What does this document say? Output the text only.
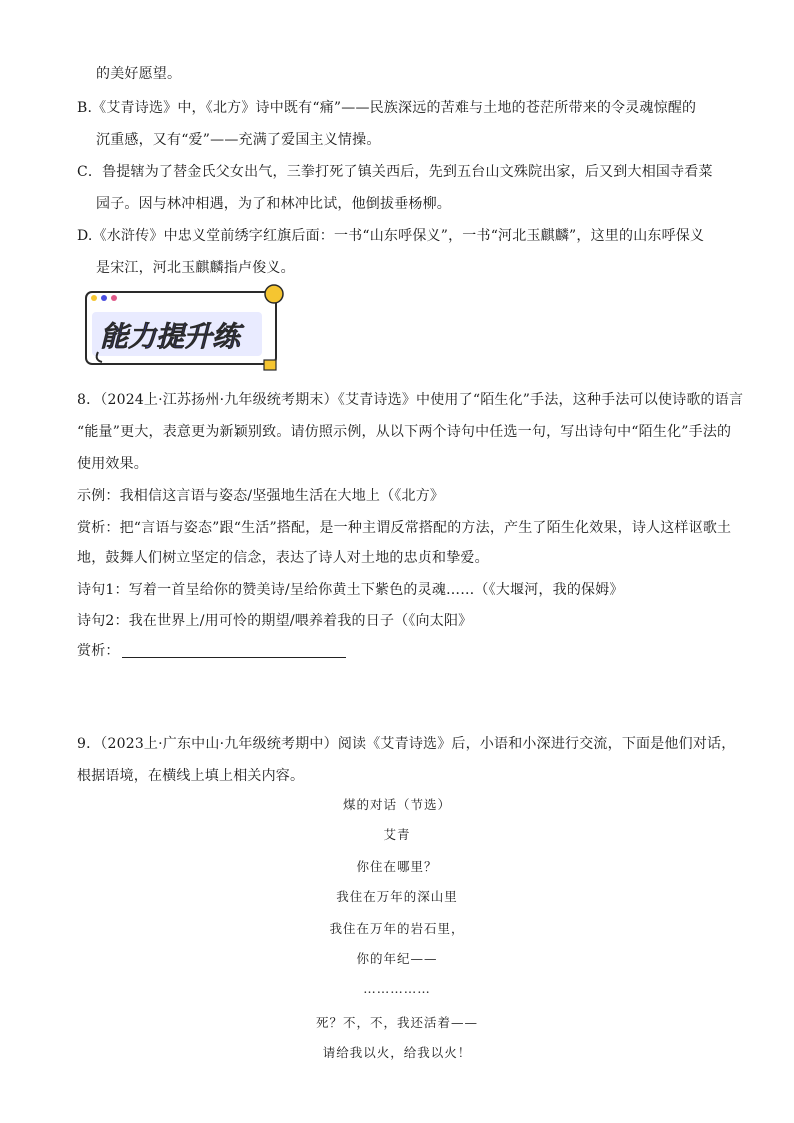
的美好愿望。
B.《艾青诗选》中，《北方》诗中既有“痛”——民族深远的苦难与土地的苍茫所带来的令灵魂惊醒的
沉重感，又有“爱”——充满了爱国主义情操。
C．鲁提辖为了替金氏父女出气，三拳打死了镇关西后，先到五台山文殊院出家，后又到大相国寺看菜
园子。因与林冲相遇，为了和林冲比试，他倒拔垂杨柳。
D.《水浒传》中忠义堂前绣字红旗后面：一书“山东呼保义”，一书“河北玉麒麟”，这里的山东呼保义
是宋江，河北玉麒麟指卢俊义。
能力提升练
8．（2024上·江苏扬州·九年级统考期末）《艾青诗选》中使用了“陌生化”手法，这种手法可以使诗歌的语言
“能量”更大，表意更为新颖别致。请仿照示例，从以下两个诗句中任选一句，写出诗句中“陌生化”手法的
使用效果。
示例：我相信这言语与姿态/坚强地生活在大地上（《北方》
赏析：把“言语与姿态”跟“生活”搭配，是一种主谓反常搭配的方法，产生了陌生化效果，诗人这样讴歌土
地，鼓舞人们树立坚定的信念，表达了诗人对土地的忠贞和挚爱。
诗句1：写着一首呈给你的赞美诗/呈给你黄土下紫色的灵魂……（《大堰河，我的保姆》
诗句2：我在世界上/用可怜的期望/喂养着我的日子（《向太阳》
赏析：
9．（2023上·广东中山·九年级统考期中）阅读《艾青诗选》后，小语和小深进行交流，下面是他们对话，
根据语境，在横线上填上相关内容。
煤的对话（节选）
艾青
你住在哪里？
我住在万年的深山里
我住在万年的岩石里，
你的年纪——
……………
死？不，不，我还活着——
请给我以火，给我以火！
